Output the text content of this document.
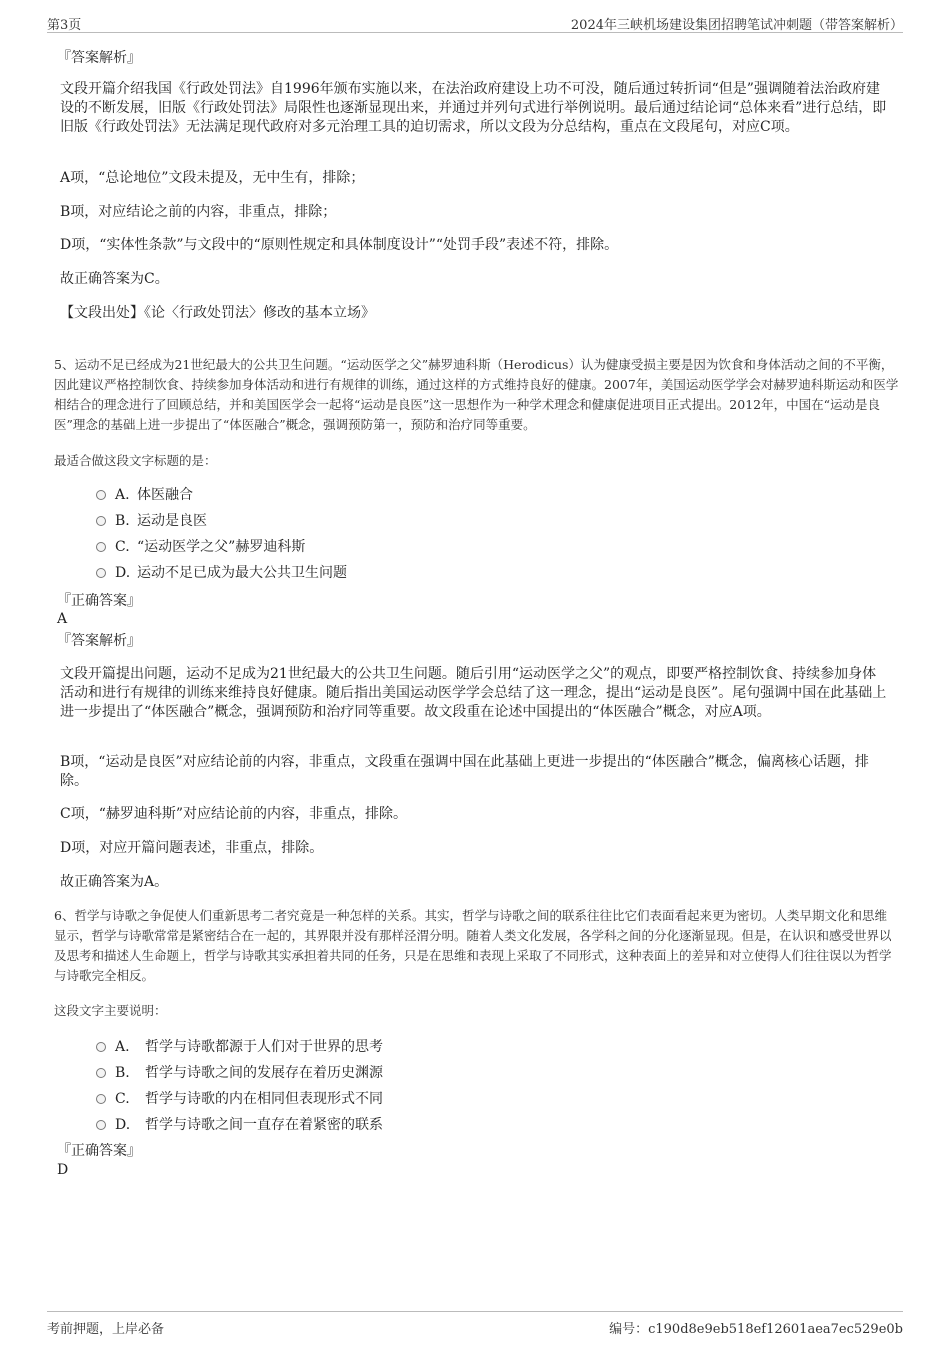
第3页	2024年三峡机场建设集团招聘笔试冲刺题（带答案解析）
『答案解析』
文段开篇介绍我国《行政处罚法》自1996年颁布实施以来，在法治政府建设上功不可没，随后通过转折词“但是”强调随着法治政府建设的不断发展，旧版《行政处罚法》局限性也逐渐显现出来，并通过并列句式进行举例说明。最后通过结论词“总体来看”进行总结，即旧版《行政处罚法》无法满足现代政府对多元治理工具的迫切需求，所以文段为分总结构，重点在文段尾句，对应C项。
A项，“总论地位”文段未提及，无中生有，排除；
B项，对应结论之前的内容，非重点，排除；
D项，“实体性条款”与文段中的“原则性规定和具体制度设计”“处罚手段”表述不符，排除。
故正确答案为C。
【文段出处】《论〈行政处罚法〉修改的基本立场》
5、运动不足已经成为21世纪最大的公共卫生问题。“运动医学之父”赫罗迪科斯（Herodicus）认为健康受损主要是因为饮食和身体活动之间的不平衡，因此建议严格控制饮食、持续参加身体活动和进行有规律的训练，通过这样的方式维持良好的健康。2007年，美国运动医学学会对赫罗迪科斯运动和医学相结合的理念进行了回顾总结，并和美国医学会一起将“运动是良医”这一思想作为一种学术理念和健康促进项目正式提出。2012年，中国在“运动是良医”理念的基础上进一步提出了“体医融合”概念，强调预防第一，预防和治疗同等重要。
最适合做这段文字标题的是：
A. 体医融合
B. 运动是良医
C. “运动医学之父”赫罗迪科斯
D. 运动不足已成为最大公共卫生问题
『正确答案』
A
『答案解析』
文段开篇提出问题，运动不足成为21世纪最大的公共卫生问题。随后引用“运动医学之父”的观点，即要严格控制饮食、持续参加身体活动和进行有规律的训练来维持良好健康。随后指出美国运动医学学会总结了这一理念，提出“运动是良医”。尾句强调中国在此基础上进一步提出了“体医融合”概念，强调预防和治疗同等重要。故文段重在论述中国提出的“体医融合”概念，对应A项。
B项，“运动是良医”对应结论前的内容，非重点，文段重在强调中国在此基础上更进一步提出的“体医融合”概念，偏离核心话题，排除。
C项，“赫罗迪科斯”对应结论前的内容，非重点，排除。
D项，对应开篇问题表述，非重点，排除。
故正确答案为A。
6、哲学与诗歌之争促使人们重新思考二者究竟是一种怎样的关系。其实，哲学与诗歌之间的联系往往比它们表面看起来更为密切。人类早期文化和思维显示，哲学与诗歌常常是紧密结合在一起的，其界限并没有那样泾渭分明。随着人类文化发展，各学科之间的分化逐渐显现。但是，在认识和感受世界以及思考和描述人生命题上，哲学与诗歌其实承担着共同的任务，只是在思维和表现上采取了不同形式，这种表面上的差异和对立使得人们往往误以为哲学与诗歌完全相反。
这段文字主要说明：
A. 哲学与诗歌都源于人们对于世界的思考
B. 哲学与诗歌之间的发展存在着历史渊源
C. 哲学与诗歌的内在相同但表现形式不同
D. 哲学与诗歌之间一直存在着紧密的联系
『正确答案』
D
考前押题，上岸必备	编号：c190d8e9eb518ef12601aea7ec529e0b
